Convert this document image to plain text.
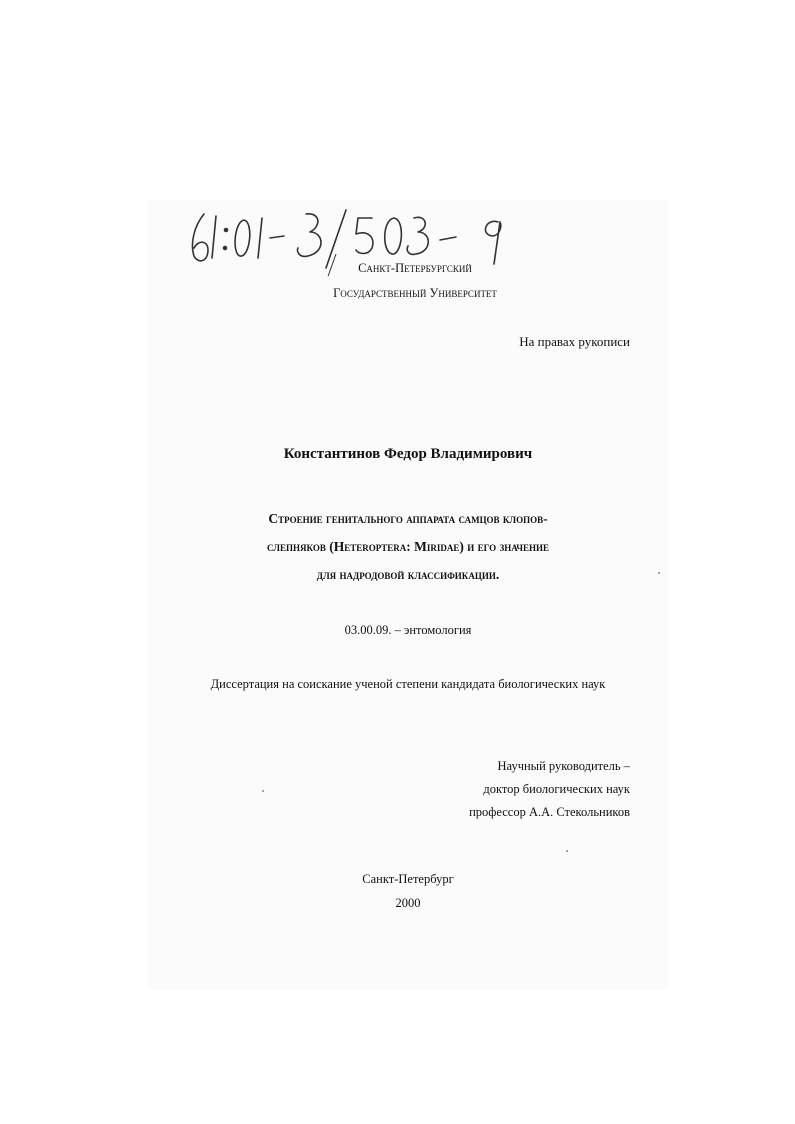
Санкт-Петербургский
Государственный Университет
На правах рукописи
Константинов Федор Владимирович
Строение генитального аппарата самцов клопов-
слепняков (Heteroptera: Miridae) и его значение
для надродовой классификации.
03.00.09. – энтомология
Диссертация на соискание ученой степени кандидата биологических наук
Научный руководитель –
доктор биологических наук
профессор А.А. Стекольников
Санкт-Петербург
2000
